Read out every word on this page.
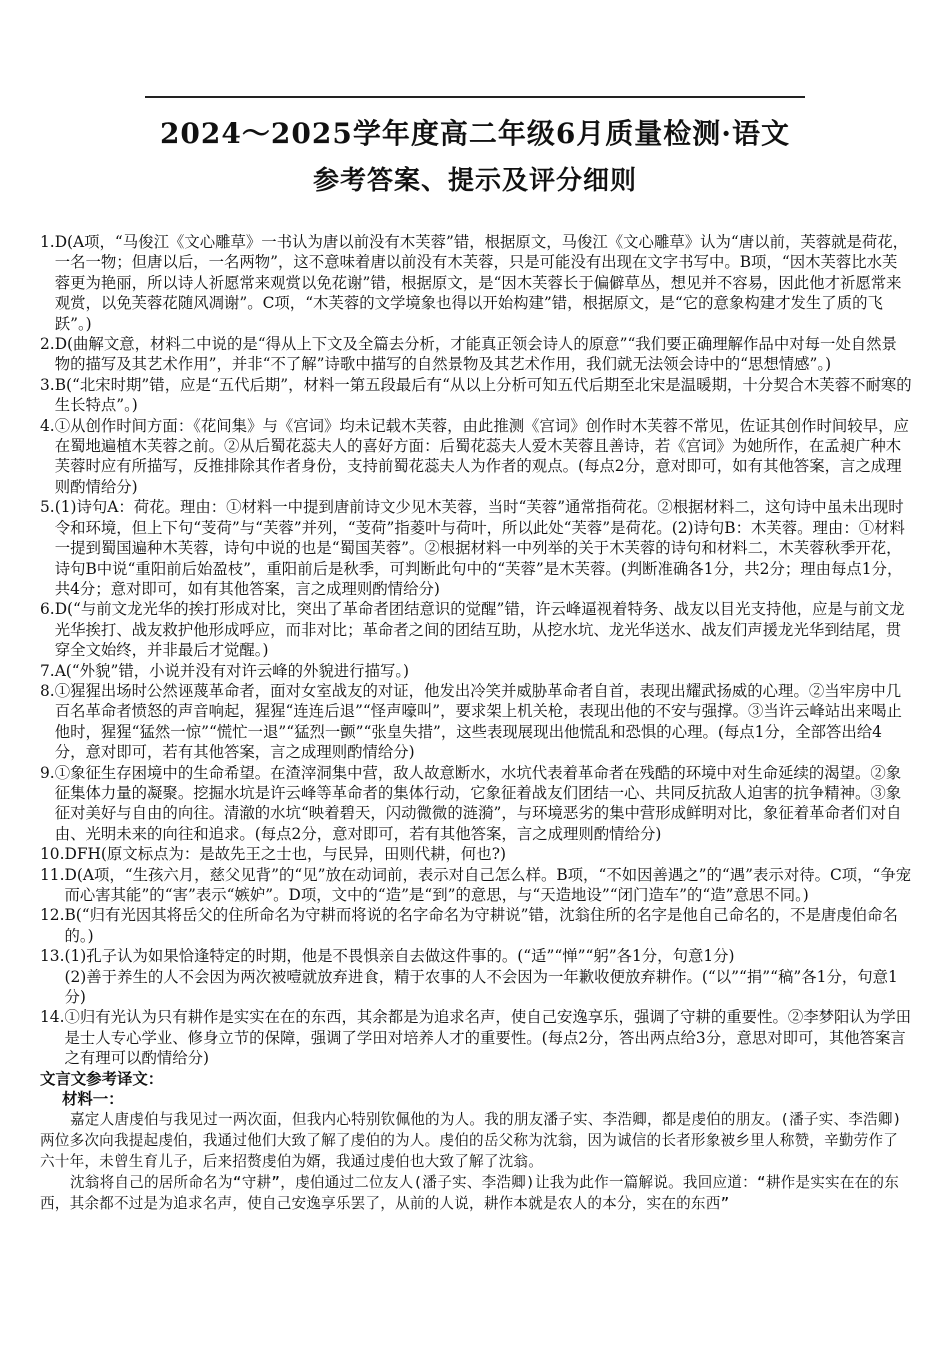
2024～2025学年度高二年级6月质量检测·语文
参考答案、提示及评分细则
1. D(A项，“马俊江《文心雕草》一书认为唐以前没有木芙蓉”错，根据原文，马俊江《文心雕草》认为“唐以前，芙蓉就是荷花，一名一物；但唐以后，一名两物”，这不意味着唐以前没有木芙蓉，只是可能没有出现在文字书写中。B项，“因木芙蓉比水芙蓉更为艳丽，所以诗人祈愿常来观赏以免花谢”错，根据原文，是“因木芙蓉长于偏僻草丛，想见并不容易，因此他才祈愿常来观赏，以免芙蓉花随风凋谢”。C项，“木芙蓉的文学境象也得以开始构建”错，根据原文，是“它的意象构建才发生了质的飞跃”。)

2. D(曲解文意，材料二中说的是“得从上下文及全篇去分析，才能真正领会诗人的原意”“我们要正确理解作品中对每一处自然景物的描写及其艺术作用”，并非“不了解”诗歌中描写的自然景物及其艺术作用，我们就无法领会诗中的“思想情感”。)

3. B(“北宋时期”错，应是“五代后期”，材料一第五段最后有“从以上分析可知五代后期至北宋是温暖期，十分契合木芙蓉不耐寒的生长特点”。)

4. ①从创作时间方面：《花间集》与《宫词》均未记载木芙蓉，由此推测《宫词》创作时木芙蓉不常见，佐证其创作时间较早，应在蜀地遍植木芙蓉之前。②从后蜀花蕊夫人的喜好方面：后蜀花蕊夫人爱木芙蓉且善诗，若《宫词》为她所作，在孟昶广种木芙蓉时应有所描写，反推排除其作者身份，支持前蜀花蕊夫人为作者的观点。(每点2分，意对即可，如有其他答案，言之成理则酌情给分)

5. (1)诗句A：荷花。理由：①材料一中提到唐前诗文少见木芙蓉，当时“芙蓉”通常指荷花。②根据材料二，这句诗中虽未出现时令和环境，但上下句“芰荷”与“芙蓉”并列，“芰荷”指菱叶与荷叶，所以此处“芙蓉”是荷花。(2)诗句B：木芙蓉。理由：①材料一提到蜀国遍种木芙蓉，诗句中说的也是“蜀国芙蓉”。②根据材料一中列举的关于木芙蓉的诗句和材料二，木芙蓉秋季开花，诗句B中说“重阳前后始盈枝”，重阳前后是秋季，可判断此句中的“芙蓉”是木芙蓉。(判断准确各1分，共2分；理由每点1分，共4分；意对即可，如有其他答案，言之成理则酌情给分)

6. D(“与前文龙光华的挨打形成对比，突出了革命者团结意识的觉醒”错，许云峰逼视着特务、战友以目光支持他，应是与前文龙光华挨打、战友救护他形成呼应，而非对比；革命者之间的团结互助，从挖水坑、龙光华送水、战友们声援龙光华到结尾，贯穿全文始终，并非最后才觉醒。)

7. A(“外貌”错，小说并没有对许云峰的外貌进行描写。)

8. ①猩猩出场时公然诬蔑革命者，面对女室战友的对证，他发出冷笑并威胁革命者自首，表现出耀武扬威的心理。②当牢房中几百名革命者愤怒的声音响起，猩猩“连连后退”“怪声嚎叫”，要求架上机关枪，表现出他的不安与强撑。③当许云峰站出来喝止他时，猩猩“猛然一惊”“慌忙一退”“猛烈一颤”“张皇失措”，这些表现展现出他慌乱和恐惧的心理。(每点1分，全部答出给4分，意对即可，若有其他答案，言之成理则酌情给分)

9. ①象征生存困境中的生命希望。在渣滓洞集中营，敌人故意断水，水坑代表着革命者在残酷的环境中对生命延续的渴望。②象征集体力量的凝聚。挖掘水坑是许云峰等革命者的集体行动，它象征着战友们团结一心、共同反抗敌人迫害的抗争精神。③象征对美好与自由的向往。清澈的水坑“映着碧天，闪动微微的涟漪”，与环境恶劣的集中营形成鲜明对比，象征着革命者们对自由、光明未来的向往和追求。(每点2分，意对即可，若有其他答案，言之成理则酌情给分)

10. DFH(原文标点为：是故先王之士也，与民异，田则代耕，何也?)

11. D(A项，“生孩六月，慈父见背”的“见”放在动词前，表示对自己怎么样。B项，“不如因善遇之”的“遇”表示对待。C项，“争宠而心害其能”的“害”表示“嫉妒”。D项，文中的“造”是“到”的意思，与“天造地设”“闭门造车”的“造”意思不同。)

12. B(“归有光因其将岳父的住所命名为守耕而将说的名字命名为守耕说”错，沈翁住所的名字是他自己命名的，不是唐虔伯命名的。)

13. (1)孔子认为如果恰逢特定的时期，他是不畏惧亲自去做这件事的。(“适”“惮”“躬”各1分，句意1分)

(2)善于养生的人不会因为两次被噎就放弃进食，精于农事的人不会因为一年歉收便放弃耕作。(“以”“捐”“稿”各1分，句意1分)

14. ①归有光认为只有耕作是实实在在的东西，其余都是为追求名声，使自己安逸享乐，强调了守耕的重要性。②李梦阳认为学田是士人专心学业、修身立节的保障，强调了学田对培养人才的重要性。(每点2分，答出两点给3分，意思对即可，其他答案言之有理可以酌情给分)

文言文参考译文：
材料一：

嘉定人唐虔伯与我见过一两次面，但我内心特别钦佩他的为人。我的朋友潘子实、李浩卿，都是虔伯的朋友。(潘子实、李浩卿)两位多次向我提起虔伯，我通过他们大致了解了虔伯的为人。虔伯的岳父称为沈翁，因为诚信的长者形象被乡里人称赞，辛勤劳作了六十年，未曾生育儿子，后来招赘虔伯为婿，我通过虔伯也大致了解了沈翁。

沈翁将自己的居所命名为“守耕”，虔伯通过二位友人(潘子实、李浩卿)让我为此作一篇解说。我回应道：“耕作是实实在在的东西，其余都不过是为追求名声，使自己安逸享乐罢了，从前的人说，耕作本就是农人的本分，实在的东西”
